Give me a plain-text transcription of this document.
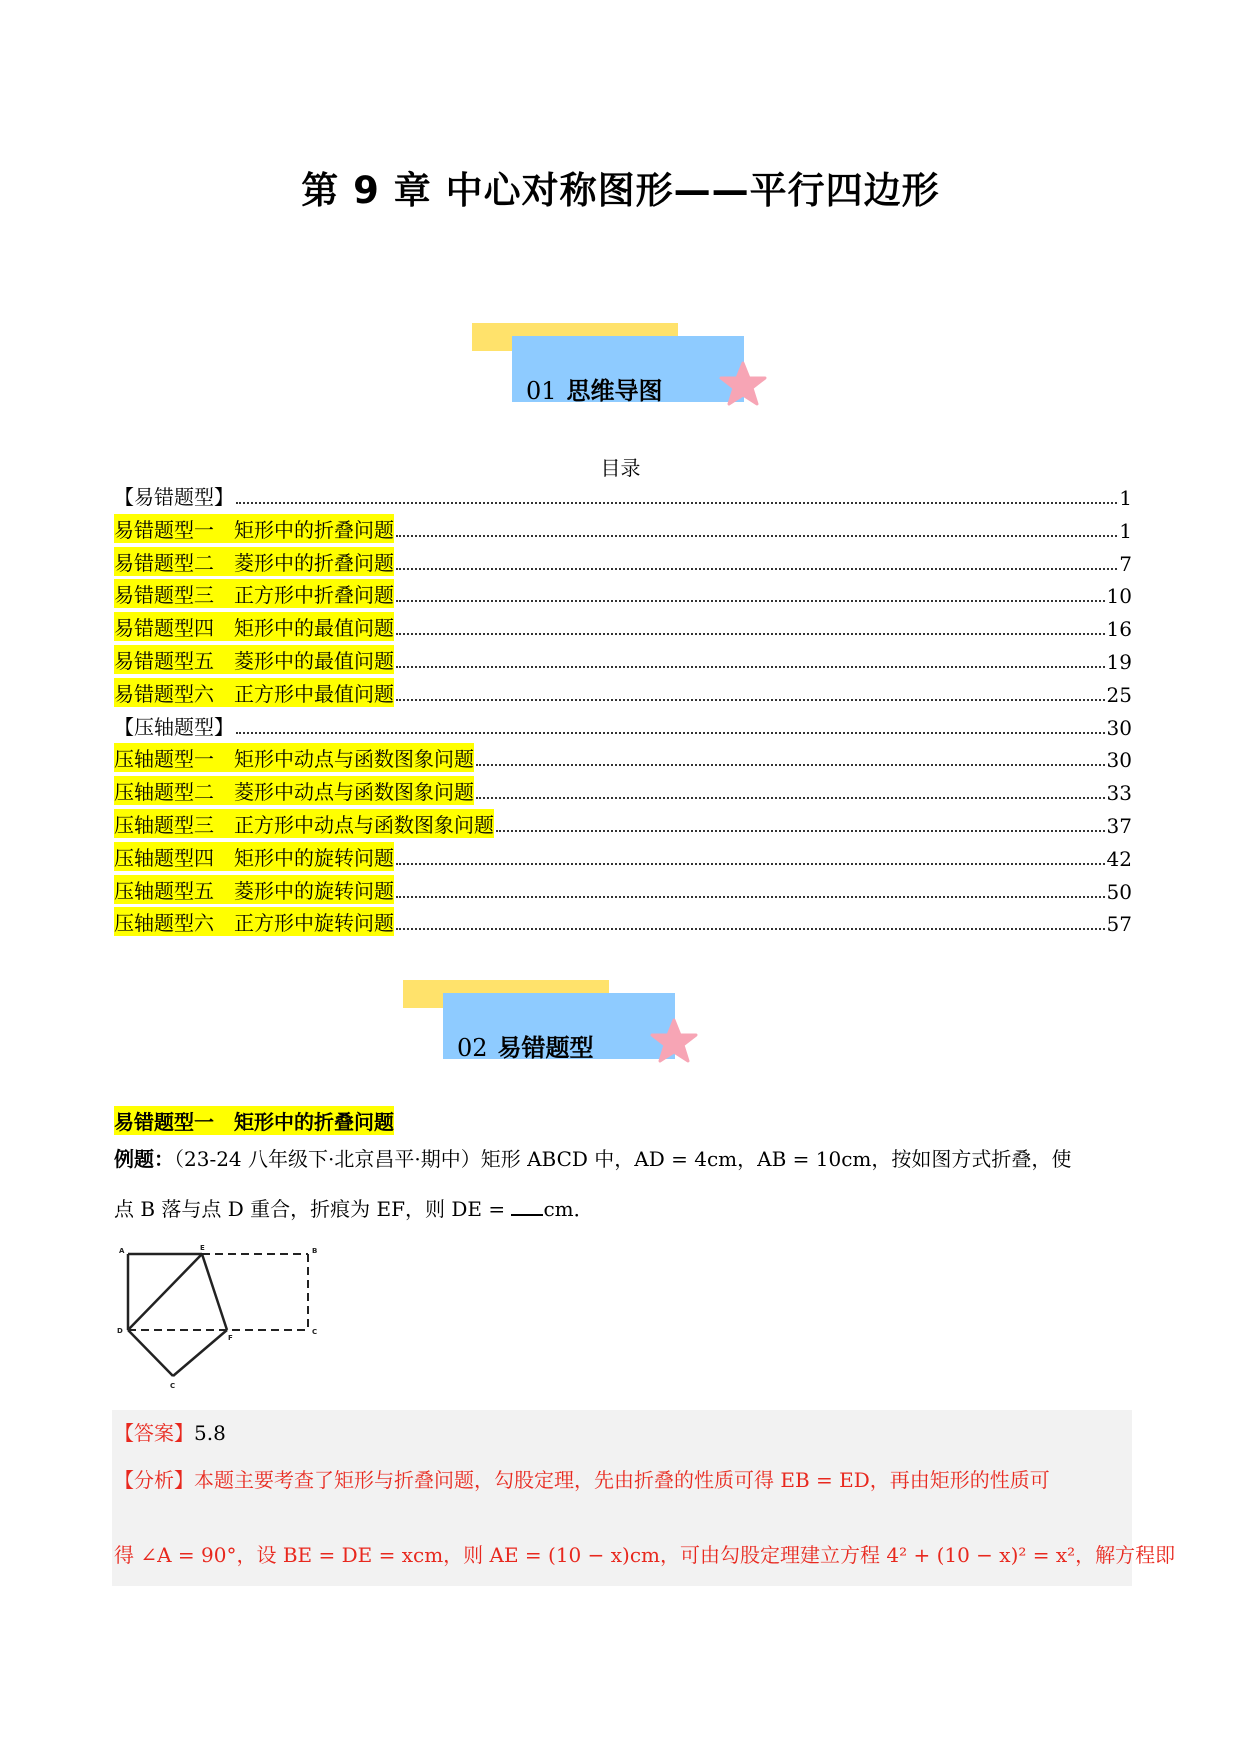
第 9 章 中心对称图形——平行四边形
01 思维导图
目录
【易错题型】	1
易错题型一　矩形中的折叠问题	1
易错题型二　菱形中的折叠问题	7
易错题型三　正方形中折叠问题	10
易错题型四　矩形中的最值问题	16
易错题型五　菱形中的最值问题	19
易错题型六　正方形中最值问题	25
【压轴题型】	30
压轴题型一　矩形中动点与函数图象问题	30
压轴题型二　菱形中动点与函数图象问题	33
压轴题型三　正方形中动点与函数图象问题	37
压轴题型四　矩形中的旋转问题	42
压轴题型五　菱形中的旋转问题	50
压轴题型六　正方形中旋转问题	57
02 易错题型
易错题型一　矩形中的折叠问题
例题：（23-24 八年级下·北京昌平·期中）矩形 ABCD 中，AD = 4cm，AB = 10cm，按如图方式折叠，使
点 B 落与点 D 重合，折痕为 EF，则 DE = cm．
A	E	B
D
F
C
C
【答案】5.8
【分析】本题主要考查了矩形与折叠问题，勾股定理，先由折叠的性质可得 EB = ED，再由矩形的性质可
得 ∠A = 90°，设 BE = DE = xcm，则 AE = (10 − x)cm，可由勾股定理建立方程 4² + (10 − x)² = x²，解方程即
